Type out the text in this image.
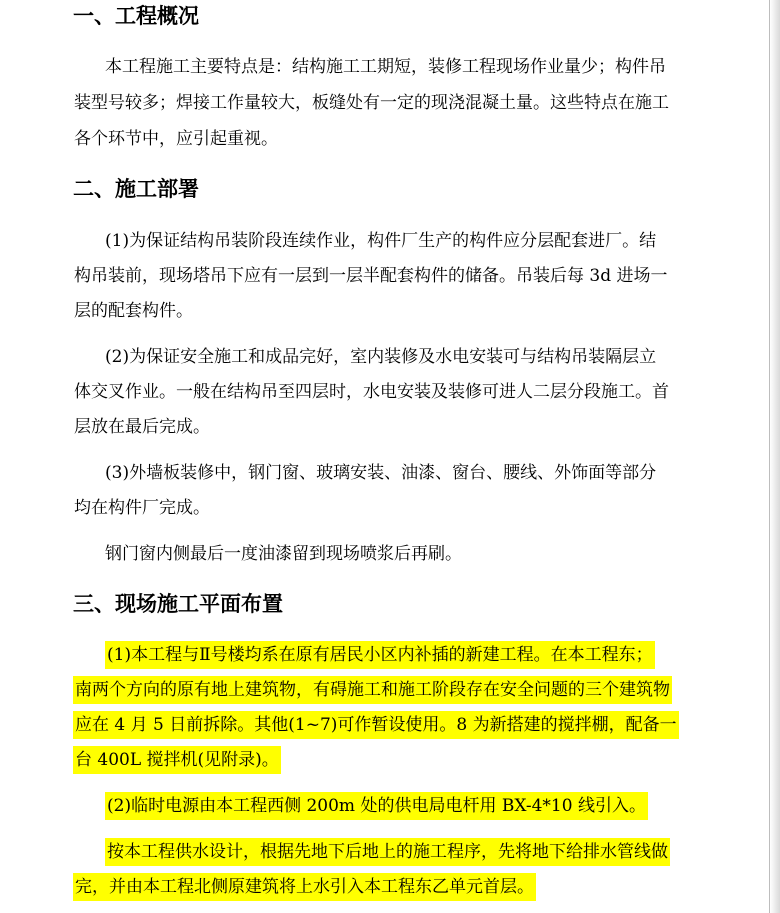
一、工程概况

本工程施工主要特点是：结构施工工期短，装修工程现场作业量少；构件吊

装型号较多；焊接工作量较大，板缝处有一定的现浇混凝土量。这些特点在施工

各个环节中，应引起重视。

二、施工部署

(1)为保证结构吊装阶段连续作业，构件厂生产的构件应分层配套进厂。结

构吊装前，现场塔吊下应有一层到一层半配套构件的储备。吊装后每 3d 进场一

层的配套构件。

(2)为保证安全施工和成品完好，室内装修及水电安装可与结构吊装隔层立

体交叉作业。一般在结构吊至四层时，水电安装及装修可进人二层分段施工。首

层放在最后完成。

(3)外墙板装修中，钢门窗、玻璃安装、油漆、窗台、腰线、外饰面等部分

均在构件厂完成。

钢门窗内侧最后一度油漆留到现场喷浆后再刷。

三、现场施工平面布置

(1)本工程与Ⅱ号楼均系在原有居民小区内补插的新建工程。在本工程东；

南两个方向的原有地上建筑物，有碍施工和施工阶段存在安全问题的三个建筑物

应在 4 月 5 日前拆除。其他(1~7)可作暂设使用。8 为新搭建的搅拌棚，配备一

台 400L 搅拌机(见附录)。

(2)临时电源由本工程西侧 200m 处的供电局电杆用 BX-4*10 线引入。

按本工程供水设计，根据先地下后地上的施工程序，先将地下给排水管线做

完，并由本工程北侧原建筑将上水引入本工程东乙单元首层。
